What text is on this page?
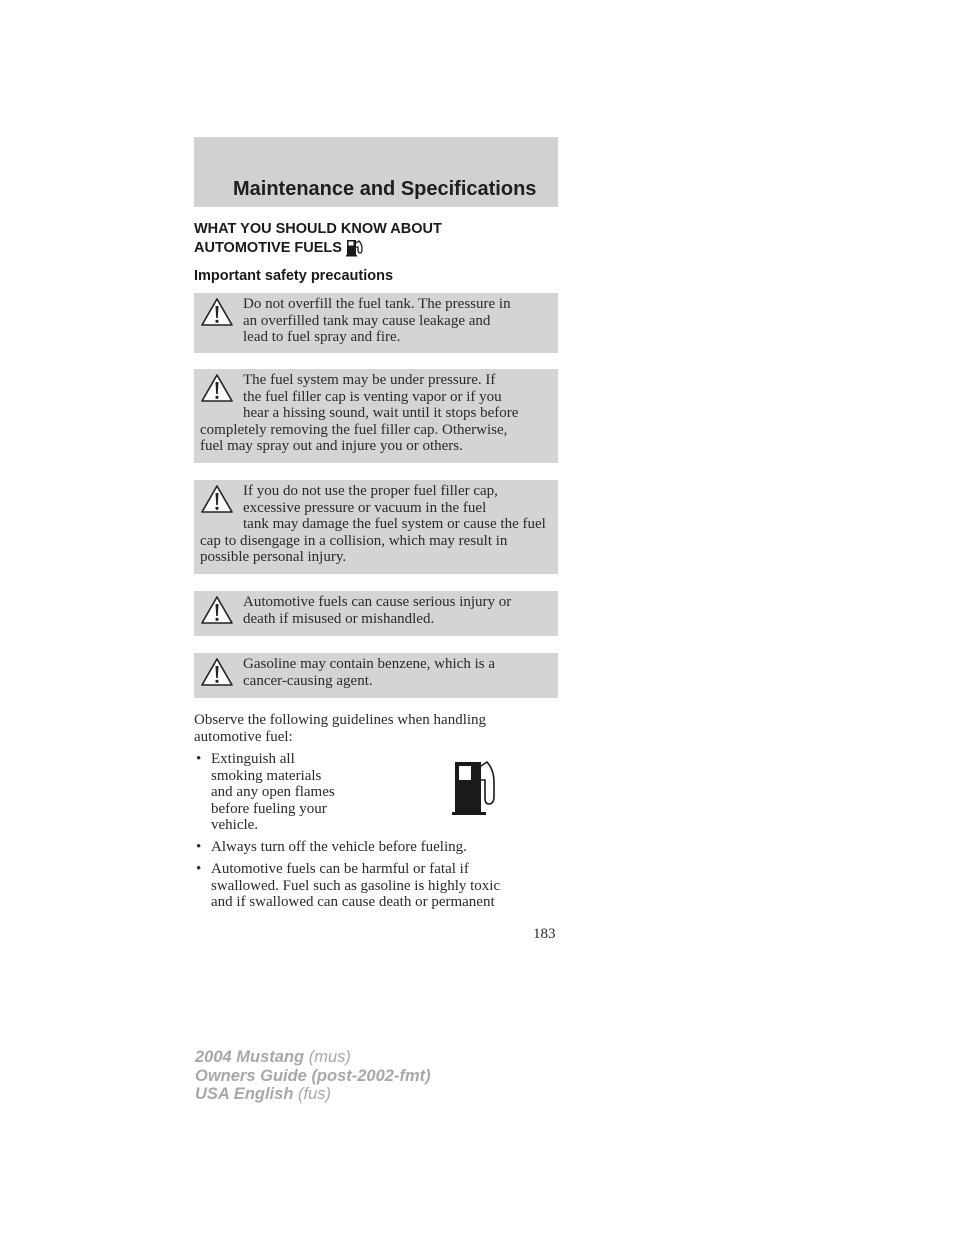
Maintenance and Specifications
WHAT YOU SHOULD KNOW ABOUT
AUTOMOTIVE FUELS
Important safety precautions
Do not overfill the fuel tank. The pressure in
an overfilled tank may cause leakage and
lead to fuel spray and fire.
The fuel system may be under pressure. If
the fuel filler cap is venting vapor or if you
hear a hissing sound, wait until it stops before
completely removing the fuel filler cap. Otherwise,
fuel may spray out and injure you or others.
If you do not use the proper fuel filler cap,
excessive pressure or vacuum in the fuel
tank may damage the fuel system or cause the fuel
cap to disengage in a collision, which may result in
possible personal injury.
Automotive fuels can cause serious injury or
death if misused or mishandled.
Gasoline may contain benzene, which is a
cancer-causing agent.
Observe the following guidelines when handling
automotive fuel:
• Extinguish all
smoking materials
and any open flames
before fueling your
vehicle.
• Always turn off the vehicle before fueling.
• Automotive fuels can be harmful or fatal if
swallowed. Fuel such as gasoline is highly toxic
and if swallowed can cause death or permanent
183
2004 Mustang (mus)
Owners Guide (post-2002-fmt)
USA English (fus)
